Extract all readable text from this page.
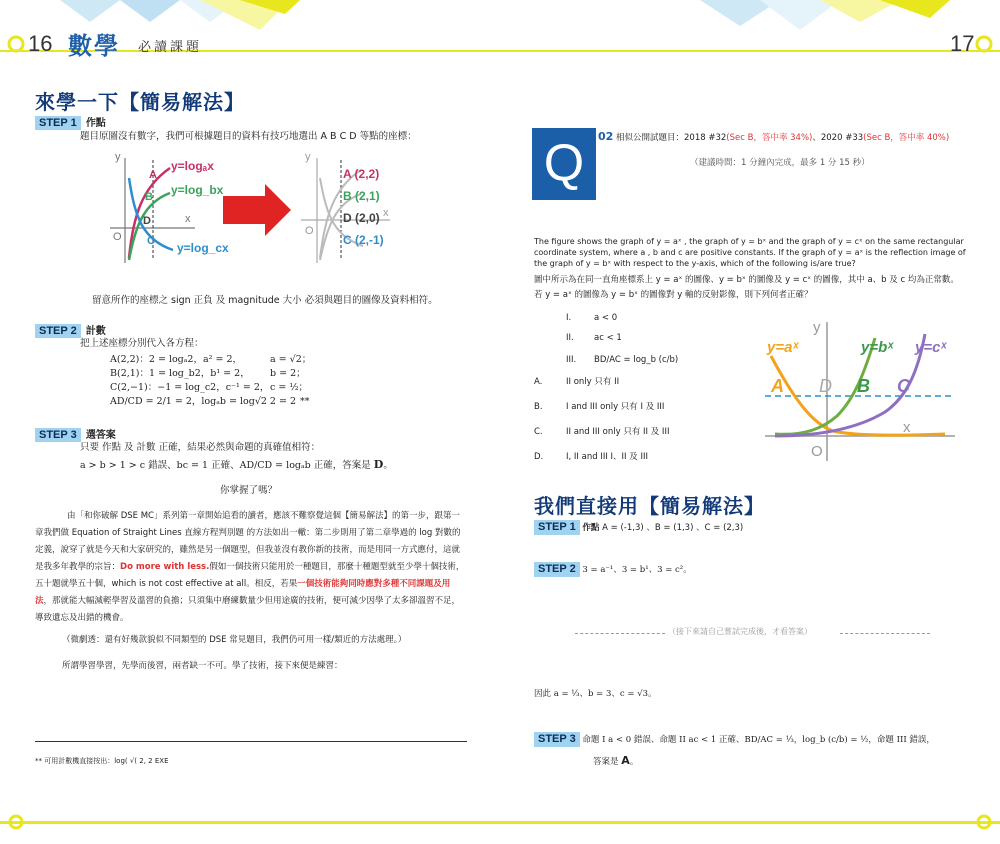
16 數學 必讀課題	17
來學一下【簡易解法】
STEP 1 作點
題目原圖沒有數字，我們可根據題目的資料有技巧地選出 A B C D 等點的座標：
y
x
O
y=logₐx
y=log_bx
y=log_cx
A
B
D
C
y
x
O
A (2,2)
B (2,1)
D (2,0)
C (2,-1)
留意所作的座標之 sign 正負 及 magnitude 大小 必須與題目的圖像及資料相符。
STEP 2 計數
把上述座標分別代入各方程：
A(2,2)：2 = logₐ2，a² = 2，	a = √2；
B(2,1)：1 = log_b2，b¹ = 2，	b = 2；
C(2,−1)：−1 = log_c2，c⁻¹ = 2， c = ½；
AD/CD = 2/1 = 2，logₐb = log√2 2 = 2 **
STEP 3 選答案
只要 作點 及 計數 正確，結果必然與命題的真確值相符：
a > b > 1 > c 錯誤、bc = 1 正確、AD/CD = logₐb 正確，答案是 D。
你掌握了嗎？
由「和你破解 DSE MC」系列第一章開始追看的讀者，應該不難察覺這個【簡易解法】的第一步，跟第一章我們做 Equation of Straight Lines 直線方程判別題 的方法如出一轍：第二步則用了第二章學過的 log 對數的定義，說穿了就是今天和大家研究的，雖然是另一個題型，但我並沒有教你新的技術，而是用同一方式應付，這就是我多年教學的宗旨：Do more with less.假如一個技術只能用於一種題目，那麼十種題型就至少學十個技術，五十題就學五十個，which is not cost effective at all。相反，若果一個技術能夠同時應對多種不同課題及用法，那就能大幅減輕學習及溫習的負擔；只須集中磨練數量少但用途廣的技術，便可減少因學了太多卻溫習不足，導致遺忘及出錯的機會。
（微劇透：還有好幾款貌似不同類型的 DSE 常見題目，我們仍可用一樣/類近的方法處理。）
所謂學習學習，先學而後習，兩者缺一不可。學了技術，接下來便是練習：
** 可用計數機直接按出：log( √( 2, 2 EXE
Q	02 相似公開試題目：2018 #32(Sec B，答中率 34%)、2020 #33(Sec B，答中率 40%)
（建議時間：1 分鐘內完成，最多 1 分 15 秒）
The figure shows the graph of y = aˣ , the graph of y = bˣ and the graph of y = cˣ on the same rectangular coordinate system, where a , b and c are positive constants. If the graph of y = aˣ is the reflection image of the graph of y = bˣ with respect to the y-axis, which of the following is/are true?
圖中所示為在同一直角座標系上 y = aˣ 的圖像、y = bˣ 的圖像及 y = cˣ 的圖像，其中 a、b 及 c 均為正常數。若 y = aˣ 的圖像為 y = bˣ 的圖像對 y 軸的反射影像，則下列何者正確？
I.	a < 0
II.	ac < 1
III.	BD/AC = log_b (c/b)
A.	II only 只有 II
B.	I and III only 只有 I 及 III
C.	II and III only 只有 II 及 III
D.	I, II and III I、II 及 III
y
x
O
y=aˣ	y=bˣ y=cˣ
A D B C
我們直接用【簡易解法】
STEP 1 作點 A = (-1,3) 、B = (1,3) 、C = (2,3)
STEP 2 3 = a⁻¹、3 = b¹、3 = c²。
（接下來請自己嘗試完成後，才看答案）
因此 a = ⅓、b = 3、c = √3。
STEP 3 命題 I a < 0 錯誤、命題 II ac < 1 正確、BD/AC = ⅓，log_b (c/b) = ½，命題 III 錯誤，
答案是 A。
